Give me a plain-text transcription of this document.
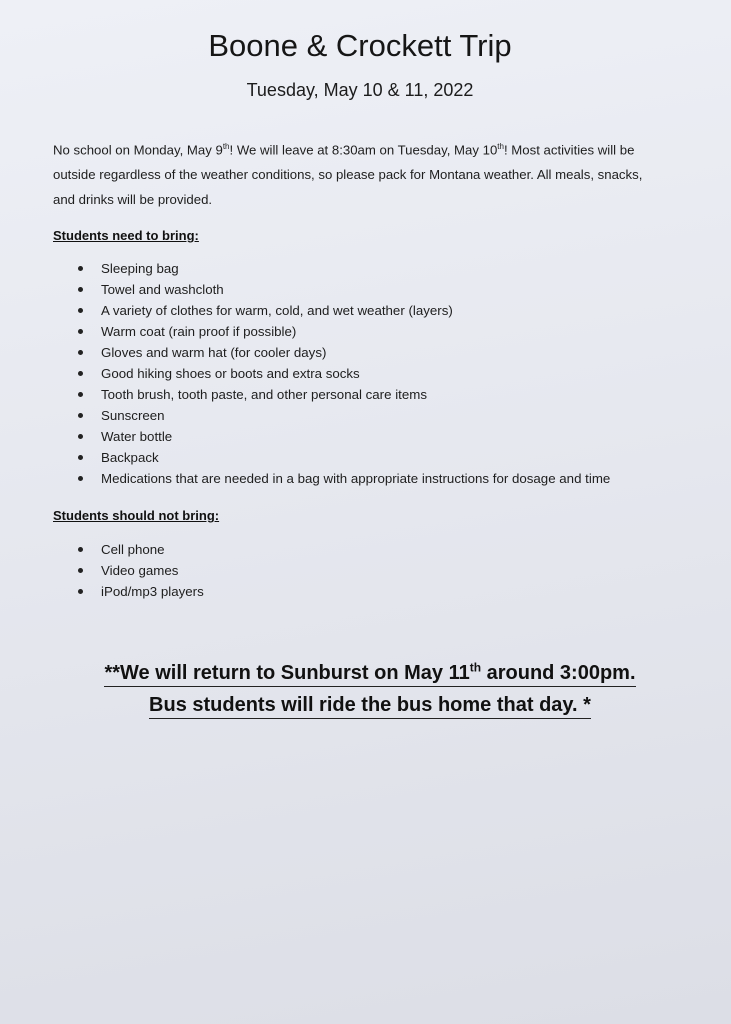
Boone & Crockett Trip
Tuesday, May 10 & 11, 2022
No school on Monday, May 9th! We will leave at 8:30am on Tuesday, May 10th! Most activities will be outside regardless of the weather conditions, so please pack for Montana weather. All meals, snacks, and drinks will be provided.
Students need to bring:
Sleeping bag
Towel and washcloth
A variety of clothes for warm, cold, and wet weather (layers)
Warm coat (rain proof if possible)
Gloves and warm hat (for cooler days)
Good hiking shoes or boots and extra socks
Tooth brush, tooth paste, and other personal care items
Sunscreen
Water bottle
Backpack
Medications that are needed in a bag with appropriate instructions for dosage and time
Students should not bring:
Cell phone
Video games
iPod/mp3 players
**We will return to Sunburst on May 11th around 3:00pm.
Bus students will ride the bus home that day. *
